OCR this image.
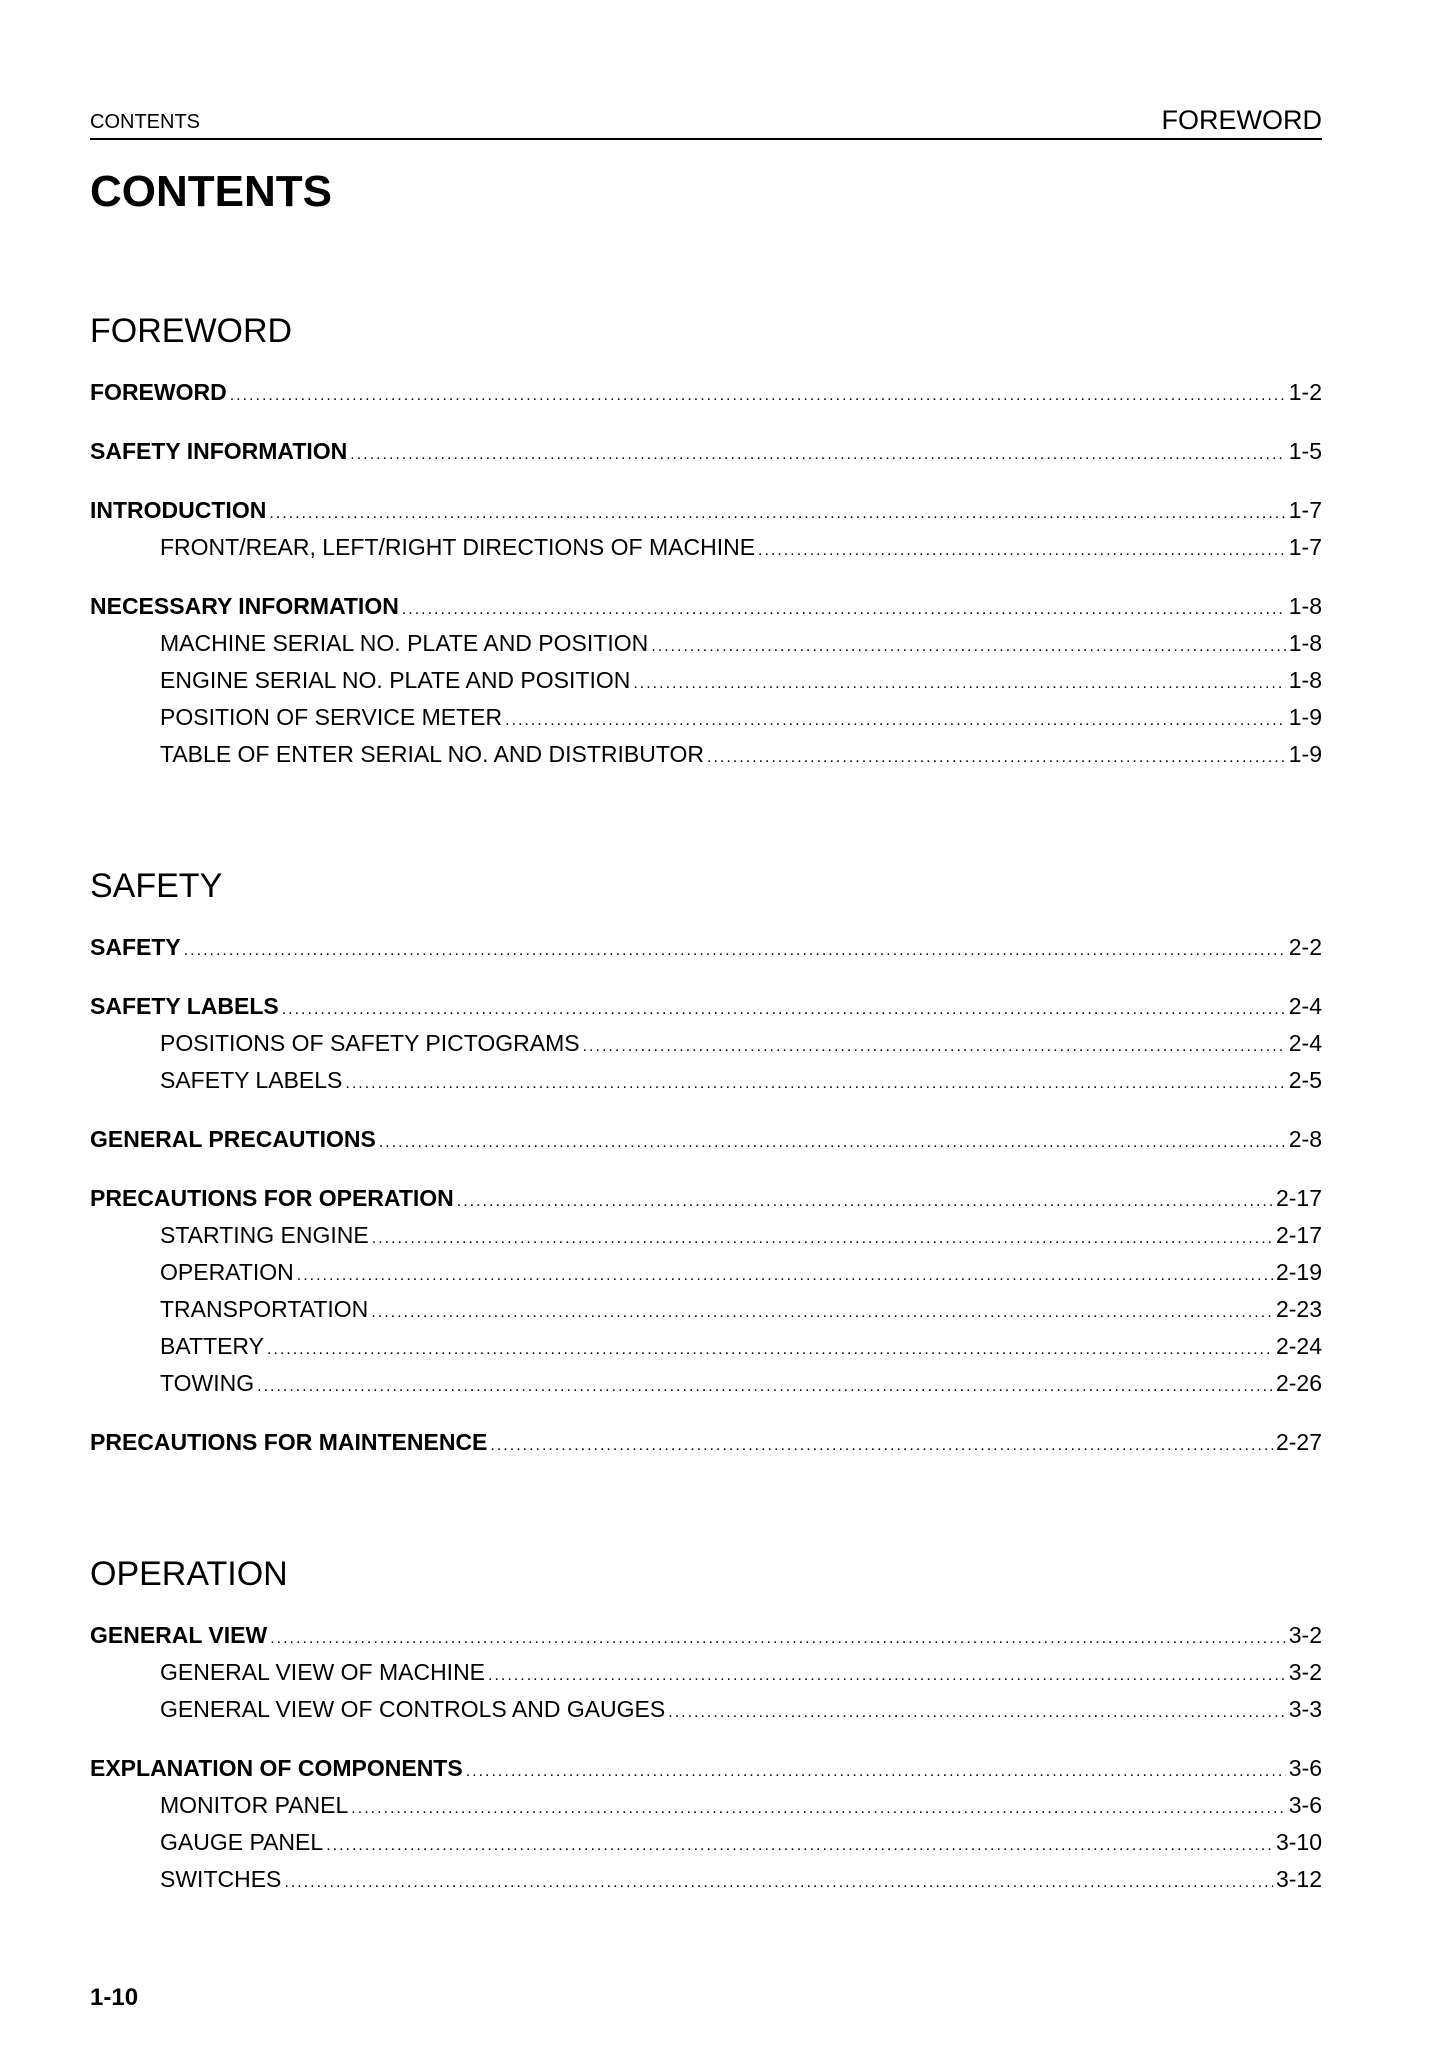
CONTENTS	FOREWORD
CONTENTS
FOREWORD
FOREWORD .....	1-2
SAFETY INFORMATION .....	1-5
INTRODUCTION .....	1-7
FRONT/REAR, LEFT/RIGHT DIRECTIONS OF MACHINE .....	1-7
NECESSARY INFORMATION .....	1-8
MACHINE SERIAL NO. PLATE AND POSITION .....	1-8
ENGINE SERIAL NO. PLATE AND POSITION .....	1-8
POSITION OF SERVICE METER .....	1-9
TABLE OF ENTER SERIAL NO. AND DISTRIBUTOR .....	1-9
SAFETY
SAFETY .....	2-2
SAFETY LABELS .....	2-4
POSITIONS OF SAFETY PICTOGRAMS .....	2-4
SAFETY LABELS .....	2-5
GENERAL PRECAUTIONS .....	2-8
PRECAUTIONS FOR OPERATION .....	2-17
STARTING ENGINE .....	2-17
OPERATION .....	2-19
TRANSPORTATION .....	2-23
BATTERY .....	2-24
TOWING .....	2-26
PRECAUTIONS FOR MAINTENENCE .....	2-27
OPERATION
GENERAL VIEW .....	3-2
GENERAL VIEW OF MACHINE .....	3-2
GENERAL VIEW OF CONTROLS AND GAUGES .....	3-3
EXPLANATION OF COMPONENTS .....	3-6
MONITOR PANEL .....	3-6
GAUGE PANEL .....	3-10
SWITCHES .....	3-12
1-10
